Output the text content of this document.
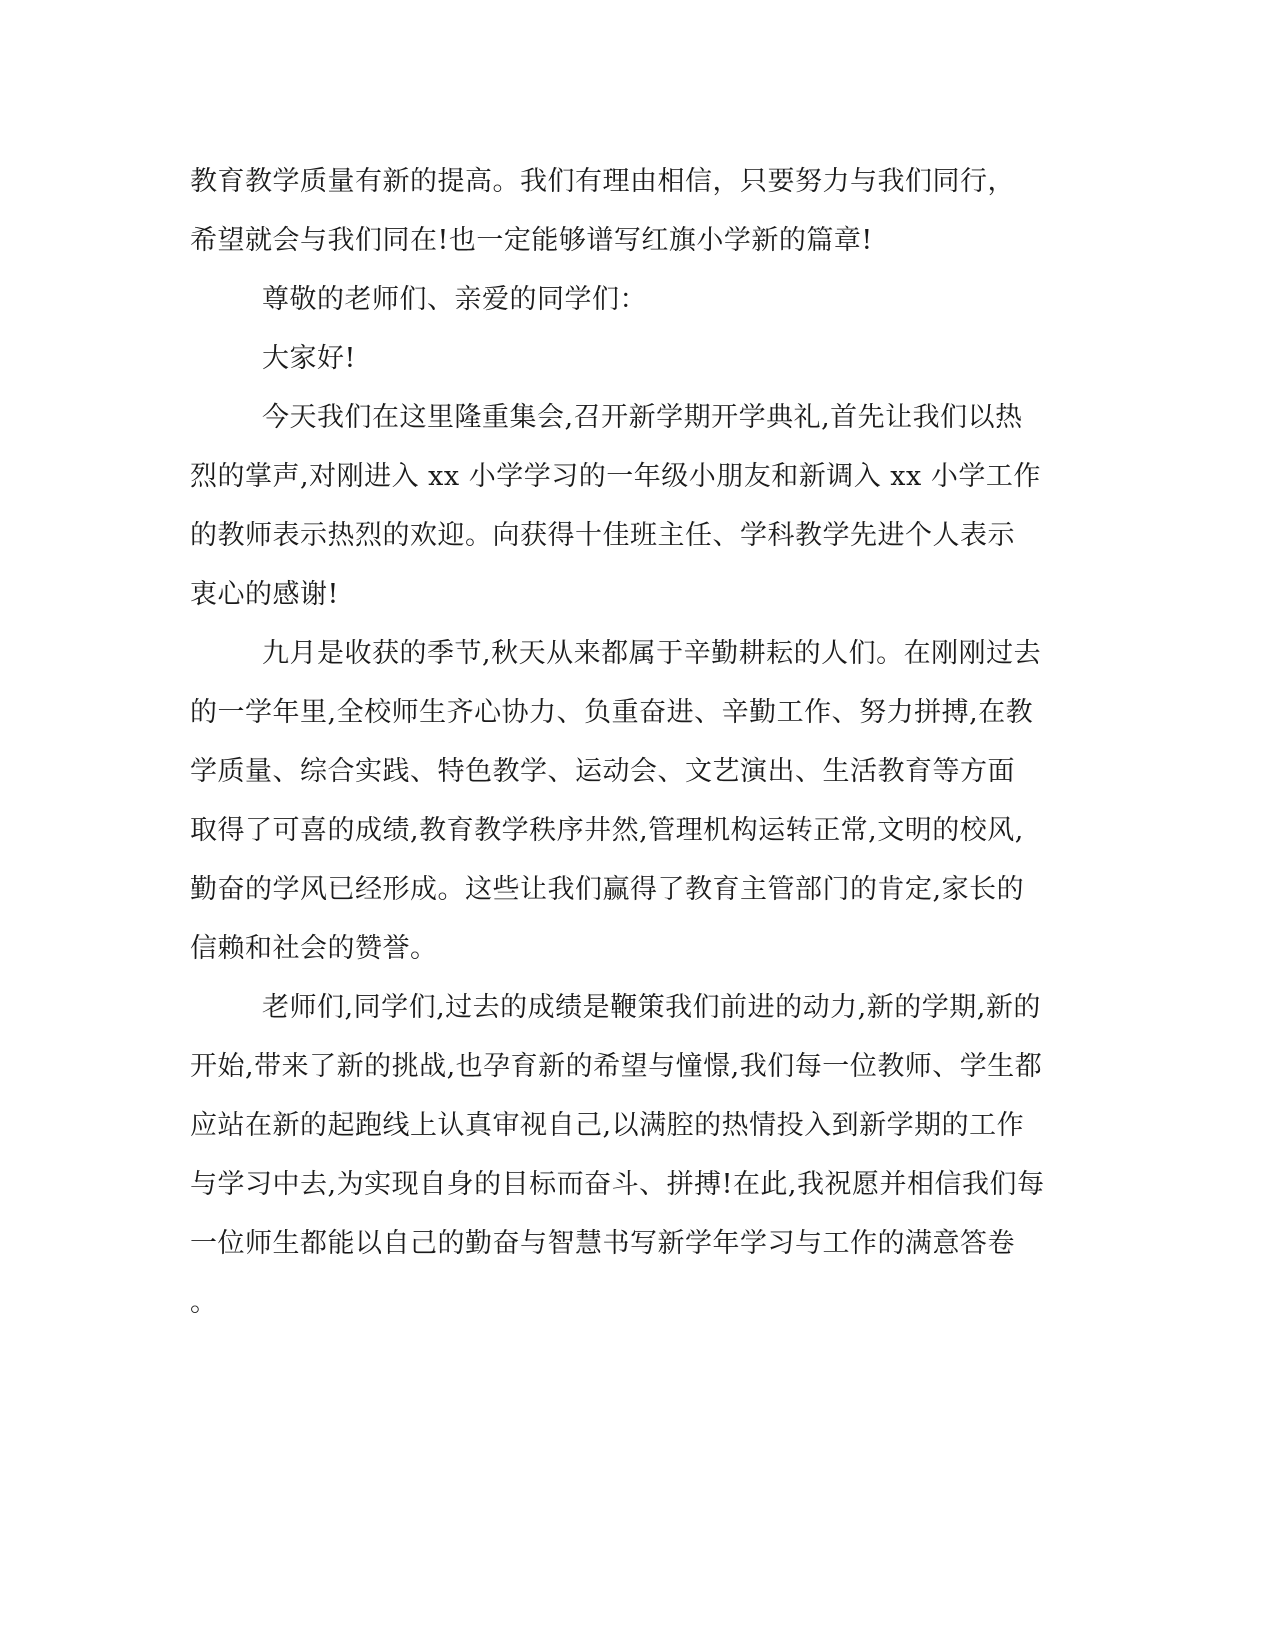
教育教学质量有新的提高。我们有理由相信，只要努力与我们同行，
希望就会与我们同在!也一定能够谱写红旗小学新的篇章!
尊敬的老师们、亲爱的同学们：
大家好!
今天我们在这里隆重集会,召开新学期开学典礼,首先让我们以热
烈的掌声,对刚进入 xx 小学学习的一年级小朋友和新调入 xx 小学工作
的教师表示热烈的欢迎。向获得十佳班主任、学科教学先进个人表示
衷心的感谢!
九月是收获的季节,秋天从来都属于辛勤耕耘的人们。在刚刚过去
的一学年里,全校师生齐心协力、负重奋进、辛勤工作、努力拼搏,在教
学质量、综合实践、特色教学、运动会、文艺演出、生活教育等方面
取得了可喜的成绩,教育教学秩序井然,管理机构运转正常,文明的校风,
勤奋的学风已经形成。这些让我们赢得了教育主管部门的肯定,家长的
信赖和社会的赞誉。
老师们,同学们,过去的成绩是鞭策我们前进的动力,新的学期,新的
开始,带来了新的挑战,也孕育新的希望与憧憬,我们每一位教师、学生都
应站在新的起跑线上认真审视自己,以满腔的热情投入到新学期的工作
与学习中去,为实现自身的目标而奋斗、拼搏!在此,我祝愿并相信我们每
一位师生都能以自己的勤奋与智慧书写新学年学习与工作的满意答卷
。
